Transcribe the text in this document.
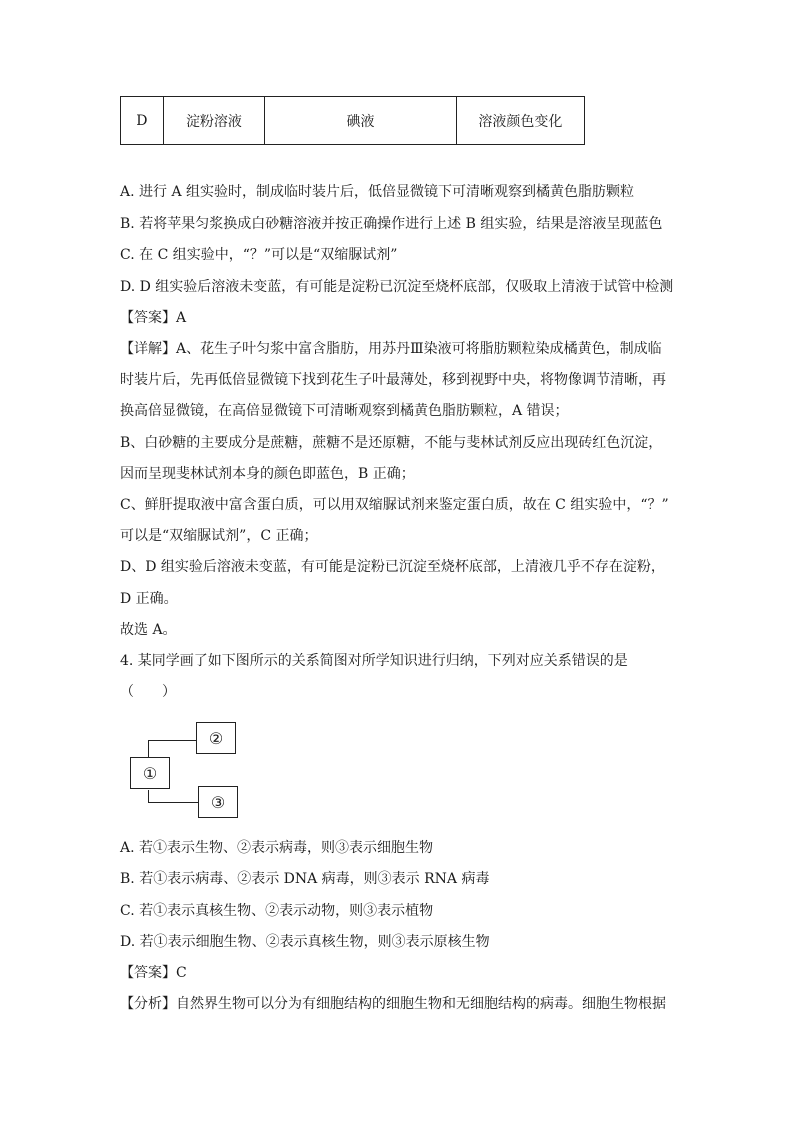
D	淀粉溶液	碘液	溶液颜色变化
A. 进行 A 组实验时，制成临时装片后，低倍显微镜下可清晰观察到橘黄色脂肪颗粒
B. 若将苹果匀浆换成白砂糖溶液并按正确操作进行上述 B 组实验，结果是溶液呈现蓝色
C. 在 C 组实验中，“？”可以是“双缩脲试剂”
D. D 组实验后溶液未变蓝，有可能是淀粉已沉淀至烧杯底部，仅吸取上清液于试管中检测
【答案】A
【详解】A、花生子叶匀浆中富含脂肪，用苏丹Ⅲ染液可将脂肪颗粒染成橘黄色，制成临
时装片后，先再低倍显微镜下找到花生子叶最薄处，移到视野中央，将物像调节清晰，再
换高倍显微镜，在高倍显微镜下可清晰观察到橘黄色脂肪颗粒，A 错误；
B、白砂糖的主要成分是蔗糖，蔗糖不是还原糖，不能与斐林试剂反应出现砖红色沉淀，
因而呈现斐林试剂本身的颜色即蓝色，B 正确；
C、鲜肝提取液中富含蛋白质，可以用双缩脲试剂来鉴定蛋白质，故在 C 组实验中，“？”
可以是“双缩脲试剂”，C 正确；
D、D 组实验后溶液未变蓝，有可能是淀粉已沉淀至烧杯底部，上清液几乎不存在淀粉，
D 正确。
故选 A。
4. 某同学画了如下图所示的关系简图对所学知识进行归纳，下列对应关系错误的是
（　　）
②
①
③
A. 若①表示生物、②表示病毒，则③表示细胞生物
B. 若①表示病毒、②表示 DNA 病毒，则③表示 RNA 病毒
C. 若①表示真核生物、②表示动物，则③表示植物
D. 若①表示细胞生物、②表示真核生物，则③表示原核生物
【答案】C
【分析】自然界生物可以分为有细胞结构的细胞生物和无细胞结构的病毒。细胞生物根据
